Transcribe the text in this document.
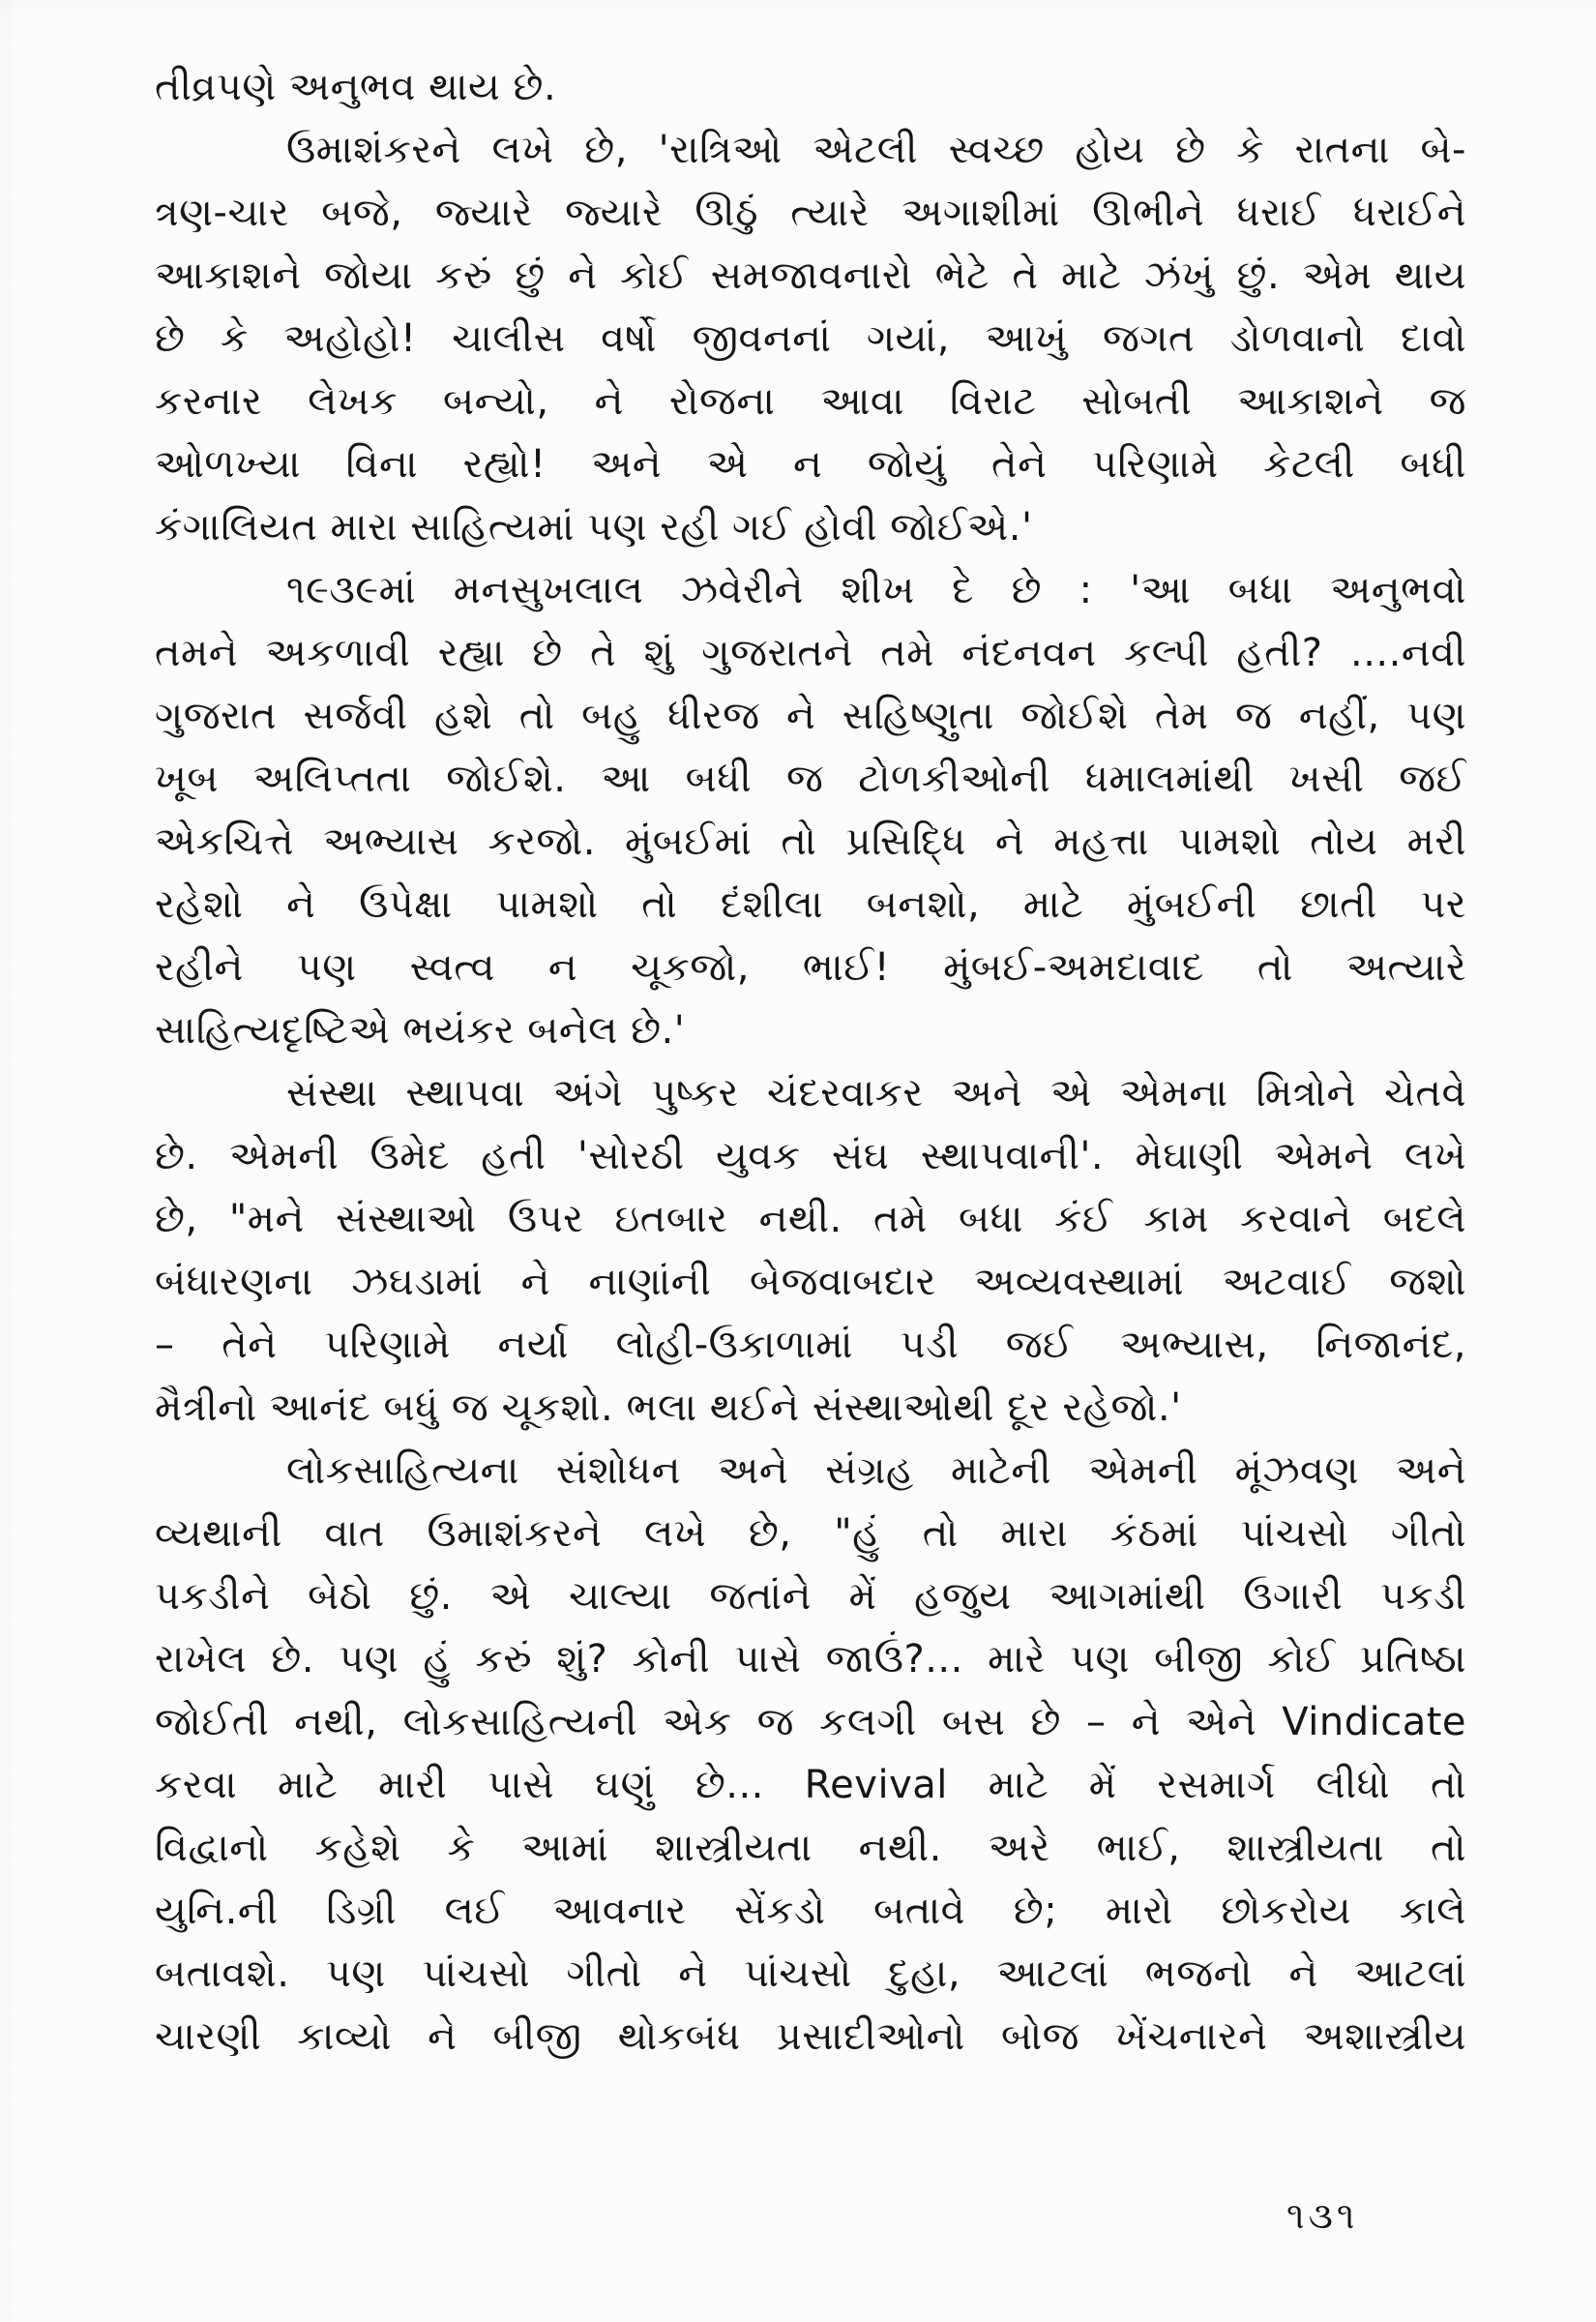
તીવ્રપણે અનુભવ થાય છે.
ઉમાશંકરને લખે છે, 'રાત્રિઓ એટલી સ્વચ્છ હોય છે કે રાતના બે-
ત્રણ-ચાર બજે, જ્યારે જ્યારે ઊઠું ત્યારે અગાશીમાં ઊભીને ધરાઈ ધરાઈને
આકાશને જોયા કરું છું ને કોઈ સમજાવનારો ભેટે તે માટે ઝંખું છું. એમ થાય
છે કે અહોહો! ચાલીસ વર્ષો જીવનનાં ગયાં, આખું જગત ડોળવાનો દાવો
કરનાર લેખક બન્યો, ને રોજના આવા વિરાટ સોબતી આકાશને જ
ઓળખ્યા વિના રહ્યો! અને એ ન જોયું તેને પરિણામે કેટલી બધી
કંગાલિયત મારા સાહિત્યમાં પણ રહી ગઈ હોવી જોઈએ.'
૧૯૩૯માં મનસુખલાલ ઝવેરીને શીખ દે છે : 'આ બધા અનુભવો
તમને અકળાવી રહ્યા છે તે શું ગુજરાતને તમે નંદનવન કલ્પી હતી? ....નવી
ગુજરાત સર્જવી હશે તો બહુ ધીરજ ને સહિષ્ણુતા જોઈશે તેમ જ નહીં, પણ
ખૂબ અલિપ્તતા જોઈશે. આ બધી જ ટોળકીઓની ધમાલમાંથી ખસી જઈ
એકચિત્તે અભ્યાસ કરજો. મુંબઈમાં તો પ્રસિદ્ધિ ને મહત્તા પામશો તોય મરી
રહેશો ને ઉપેક્ષા પામશો તો દંશીલા બનશો, માટે મુંબઈની છાતી પર
રહીને પણ સ્વત્વ ન ચૂકજો, ભાઈ! મુંબઈ-અમદાવાદ તો અત્યારે
સાહિત્યદૃષ્ટિએ ભયંકર બનેલ છે.'
સંસ્થા સ્થાપવા અંગે પુષ્કર ચંદરવાકર અને એ એમના મિત્રોને ચેતવે
છે. એમની ઉમેદ હતી 'સોરઠી યુવક સંઘ સ્થાપવાની'. મેઘાણી એમને લખે
છે, "મને સંસ્થાઓ ઉપર ઇતબાર નથી. તમે બધા કંઈ કામ કરવાને બદલે
બંધારણના ઝઘડામાં ને નાણાંની બેજવાબદાર અવ્યવસ્થામાં અટવાઈ જશો
– તેને પરિણામે નર્યા લોહી-ઉકાળામાં પડી જઈ અભ્યાસ, નિજાનંદ,
મૈત્રીનો આનંદ બધું જ ચૂકશો. ભલા થઈને સંસ્થાઓથી દૂર રહેજો.'
લોકસાહિત્યના સંશોધન અને સંગ્રહ માટેની એમની મૂંઝવણ અને
વ્યથાની વાત ઉમાશંકરને લખે છે, "હું તો મારા કંઠમાં પાંચસો ગીતો
પકડીને બેઠો છું. એ ચાલ્યા જતાંને મેં હજુય આગમાંથી ઉગારી પકડી
રાખેલ છે. પણ હું કરું શું? કોની પાસે જાઉં?... મારે પણ બીજી કોઈ પ્રતિષ્ઠા
જોઈતી નથી, લોકસાહિત્યની એક જ કલગી બસ છે – ને એને Vindicate
કરવા માટે મારી પાસે ઘણું છે... Revival માટે મેં રસમાર્ગ લીધો તો
વિદ્વાનો કહેશે કે આમાં શાસ્ત્રીયતા નથી. અરે ભાઈ, શાસ્ત્રીયતા તો
યુનિ.ની ડિગ્રી લઈ આવનાર સેંકડો બતાવે છે; મારો છોકરોય કાલે
બતાવશે. પણ પાંચસો ગીતો ને પાંચસો દુહા, આટલાં ભજનો ને આટલાં
ચારણી કાવ્યો ને બીજી થોકબંધ પ્રસાદીઓનો બોજ ખેંચનારને અશાસ્ત્રીય
૧૩૧
